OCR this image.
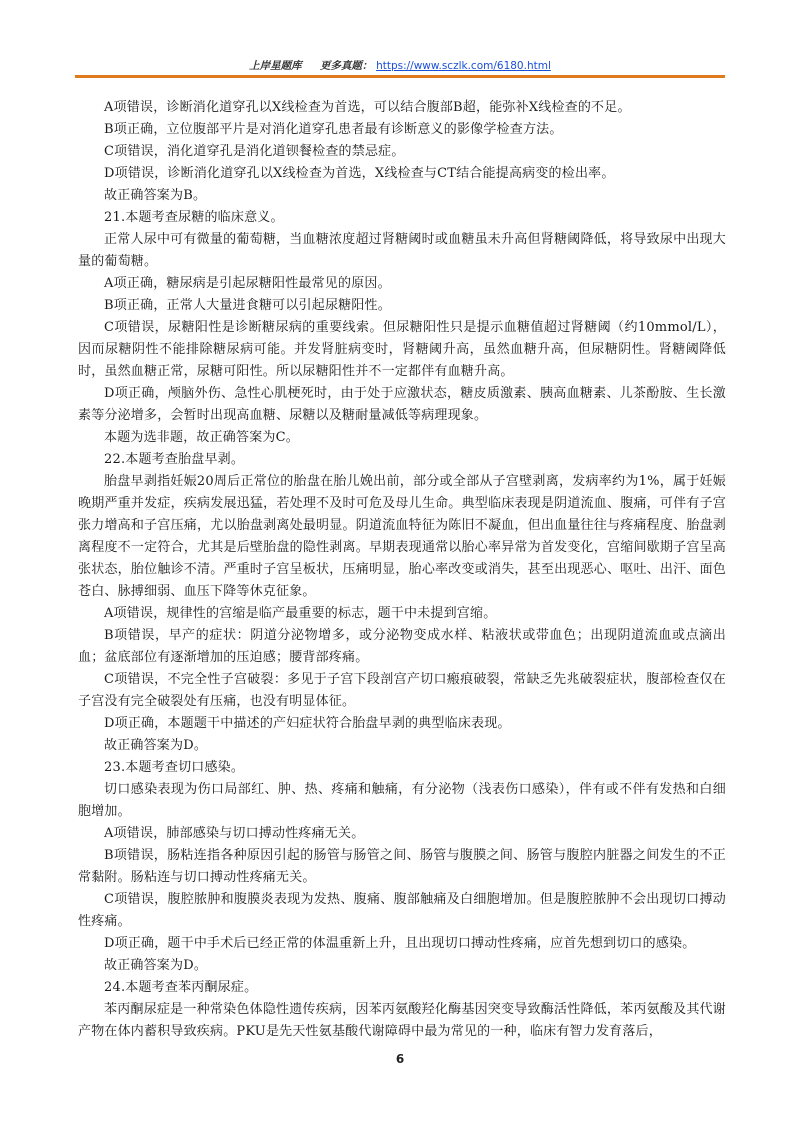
上岸星题库 更多真题： https://www.sczlk.com/6180.html

A项错误，诊断消化道穿孔以X线检查为首选，可以结合腹部B超，能弥补X线检查的不足。

B项正确，立位腹部平片是对消化道穿孔患者最有诊断意义的影像学检查方法。

C项错误，消化道穿孔是消化道钡餐检查的禁忌症。

D项错误，诊断消化道穿孔以X线检查为首选，X线检查与CT结合能提高病变的检出率。

故正确答案为B。

21.本题考查尿糖的临床意义。

正常人尿中可有微量的葡萄糖，当血糖浓度超过肾糖阈时或血糖虽未升高但肾糖阈降低，将导致尿中出现大量的葡萄糖。

A项正确，糖尿病是引起尿糖阳性最常见的原因。

B项正确，正常人大量进食糖可以引起尿糖阳性。

C项错误，尿糖阳性是诊断糖尿病的重要线索。但尿糖阳性只是提示血糖值超过肾糖阈（约10mmol/L），因而尿糖阴性不能排除糖尿病可能。并发肾脏病变时，肾糖阈升高，虽然血糖升高，但尿糖阴性。肾糖阈降低时，虽然血糖正常，尿糖可阳性。所以尿糖阳性并不一定都伴有血糖升高。

D项正确，颅脑外伤、急性心肌梗死时，由于处于应激状态，糖皮质激素、胰高血糖素、儿茶酚胺、生长激素等分泌增多，会暂时出现高血糖、尿糖以及糖耐量减低等病理现象。

本题为选非题，故正确答案为C。

22.本题考查胎盘早剥。

胎盘早剥指妊娠20周后正常位的胎盘在胎儿娩出前，部分或全部从子宫壁剥离，发病率约为1%，属于妊娠晚期严重并发症，疾病发展迅猛，若处理不及时可危及母儿生命。典型临床表现是阴道流血、腹痛，可伴有子宫张力增高和子宫压痛，尤以胎盘剥离处最明显。阴道流血特征为陈旧不凝血，但出血量往往与疼痛程度、胎盘剥离程度不一定符合，尤其是后壁胎盘的隐性剥离。早期表现通常以胎心率异常为首发变化，宫缩间歇期子宫呈高张状态，胎位触诊不清。严重时子宫呈板状，压痛明显，胎心率改变或消失，甚至出现恶心、呕吐、出汗、面色苍白、脉搏细弱、血压下降等休克征象。

A项错误，规律性的宫缩是临产最重要的标志，题干中未提到宫缩。

B项错误，早产的症状：阴道分泌物增多，或分泌物变成水样、粘液状或带血色；出现阴道流血或点滴出血；盆底部位有逐渐增加的压迫感；腰背部疼痛。

C项错误，不完全性子宫破裂：多见于子宫下段剖宫产切口瘢痕破裂，常缺乏先兆破裂症状，腹部检查仅在子宫没有完全破裂处有压痛，也没有明显体征。

D项正确，本题题干中描述的产妇症状符合胎盘早剥的典型临床表现。

故正确答案为D。

23.本题考查切口感染。

切口感染表现为伤口局部红、肿、热、疼痛和触痛，有分泌物（浅表伤口感染），伴有或不伴有发热和白细胞增加。

A项错误，肺部感染与切口搏动性疼痛无关。

B项错误，肠粘连指各种原因引起的肠管与肠管之间、肠管与腹膜之间、肠管与腹腔内脏器之间发生的不正常黏附。肠粘连与切口搏动性疼痛无关。

C项错误，腹腔脓肿和腹膜炎表现为发热、腹痛、腹部触痛及白细胞增加。但是腹腔脓肿不会出现切口搏动性疼痛。

D项正确，题干中手术后已经正常的体温重新上升，且出现切口搏动性疼痛，应首先想到切口的感染。

故正确答案为D。

24.本题考查苯丙酮尿症。

苯丙酮尿症是一种常染色体隐性遗传疾病，因苯丙氨酸羟化酶基因突变导致酶活性降低，苯丙氨酸及其代谢产物在体内蓄积导致疾病。PKU是先天性氨基酸代谢障碍中最为常见的一种，临床有智力发育落后，

6
